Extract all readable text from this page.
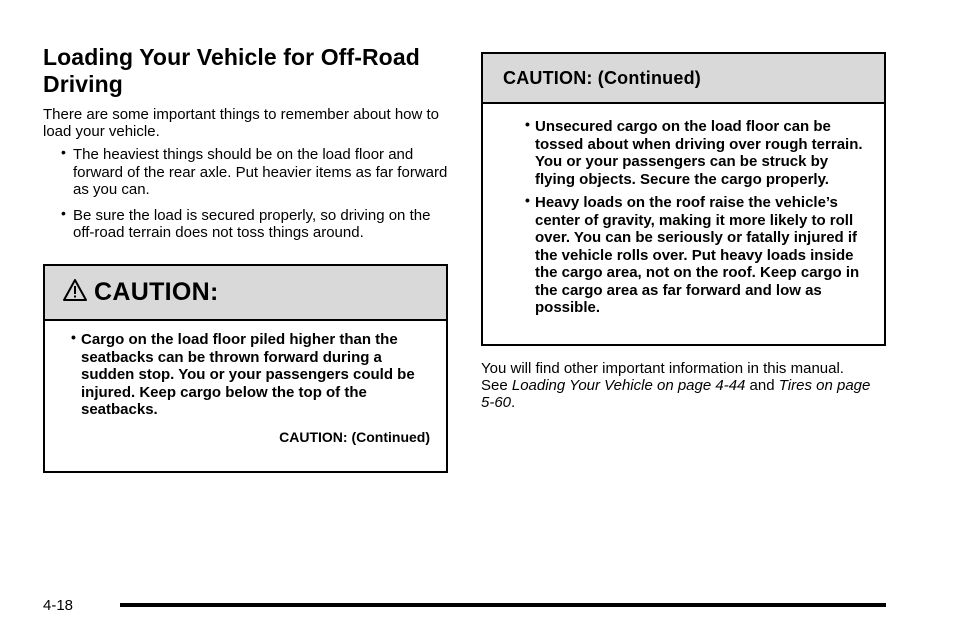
Loading Your Vehicle for Off-Road
Driving

There are some important things to remember about how to load your vehicle.

• The heaviest things should be on the load floor and forward of the rear axle. Put heavier items as far forward as you can.
• Be sure the load is secured properly, so driving on the off-road terrain does not toss things around.
CAUTION:
• Cargo on the load floor piled higher than the seatbacks can be thrown forward during a sudden stop. You or your passengers could be injured. Keep cargo below the top of the seatbacks.
CAUTION: (Continued)
CAUTION: (Continued)
• Unsecured cargo on the load floor can be tossed about when driving over rough terrain. You or your passengers can be struck by flying objects. Secure the cargo properly.
• Heavy loads on the roof raise the vehicle’s center of gravity, making it more likely to roll over. You can be seriously or fatally injured if the vehicle rolls over. Put heavy loads inside the cargo area, not on the roof. Keep cargo in the cargo area as far forward and low as possible.
You will find other important information in this manual.
See Loading Your Vehicle on page 4-44 and Tires on page 5-60.
4-18
